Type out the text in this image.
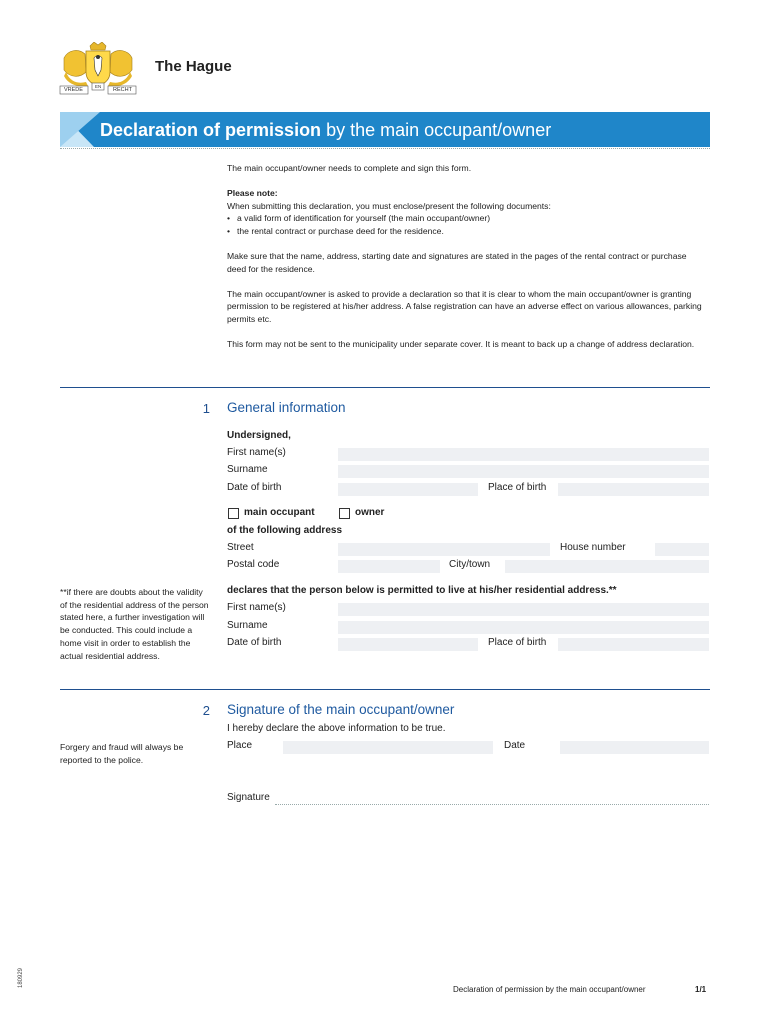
VREDE
EN
RECHT
The Hague
Declaration of permission by the main occupant/owner

The main occupant/owner needs to complete and sign this form.

Please note:
When submitting this declaration, you must enclose/present the following documents:
• a valid form of identification for yourself (the main occupant/owner)
• the rental contract or purchase deed for the residence.

Make sure that the name, address, starting date and signatures are stated in the pages of the rental contract or purchase deed for the residence.

The main occupant/owner is asked to provide a declaration so that it is clear to whom the main occupant/owner is granting permission to be registered at his/her address. A false registration can have an adverse effect on various allowances, parking permits etc.

This form may not be sent to the municipality under separate cover. It is meant to back up a change of address declaration.

1 General information
Undersigned,
First name(s)
Surname
Date of birth	Place of birth
main occupant	owner
of the following address
Street	House number
Postal code	City/town
**if there are doubts about the validity of the residential address of the person stated here, a further investigation will be conducted. This could include a home visit in order to establish the actual residential address.
declares that the person below is permitted to live at his/her residential address.**
First name(s)
Surname
Date of birth	Place of birth
2 Signature of the main occupant/owner
I hereby declare the above information to be true.
Forgery and fraud will always be reported to the police.
Place	Date
Signature
180929
Declaration of permission by the main occupant/owner	1/1
